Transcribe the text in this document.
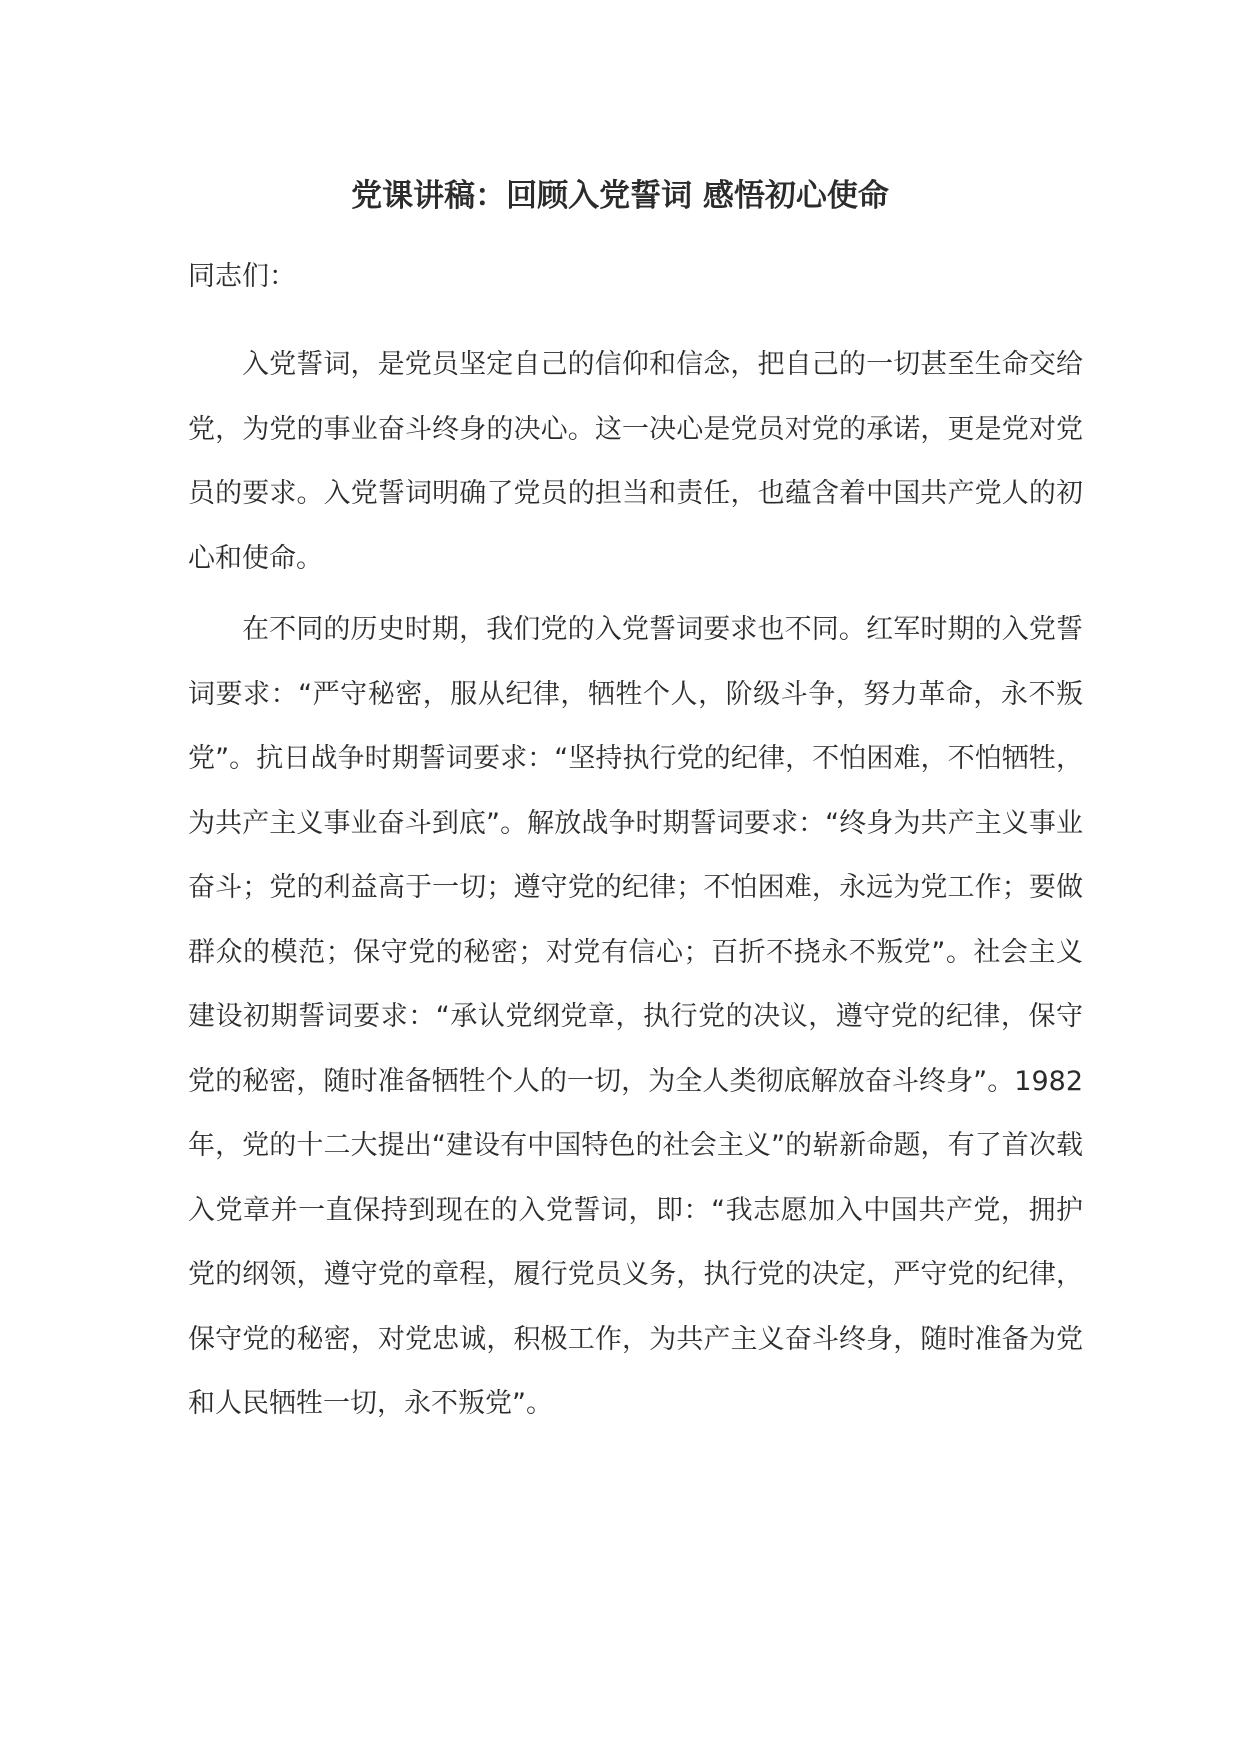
党课讲稿：回顾入党誓词 感悟初心使命

同志们：

入党誓词，是党员坚定自己的信仰和信念，把自己的一切甚至生命交给党，为党的事业奋斗终身的决心。这一决心是党员对党的承诺，更是党对党员的要求。入党誓词明确了党员的担当和责任，也蕴含着中国共产党人的初心和使命。

在不同的历史时期，我们党的入党誓词要求也不同。红军时期的入党誓词要求：“严守秘密，服从纪律，牺牲个人，阶级斗争，努力革命，永不叛党”。抗日战争时期誓词要求：“坚持执行党的纪律，不怕困难，不怕牺牲，为共产主义事业奋斗到底”。解放战争时期誓词要求：“终身为共产主义事业奋斗；党的利益高于一切；遵守党的纪律；不怕困难，永远为党工作；要做群众的模范；保守党的秘密；对党有信心；百折不挠永不叛党”。社会主义建设初期誓词要求：“承认党纲党章，执行党的决议，遵守党的纪律，保守党的秘密，随时准备牺牲个人的一切，为全人类彻底解放奋斗终身”。1982 年，党的十二大提出“建设有中国特色的社会主义”的崭新命题，有了首次载入党章并一直保持到现在的入党誓词，即：“我志愿加入中国共产党，拥护党的纲领，遵守党的章程，履行党员义务，执行党的决定，严守党的纪律，保守党的秘密，对党忠诚，积极工作，为共产主义奋斗终身，随时准备为党和人民牺牲一切，永不叛党”。
